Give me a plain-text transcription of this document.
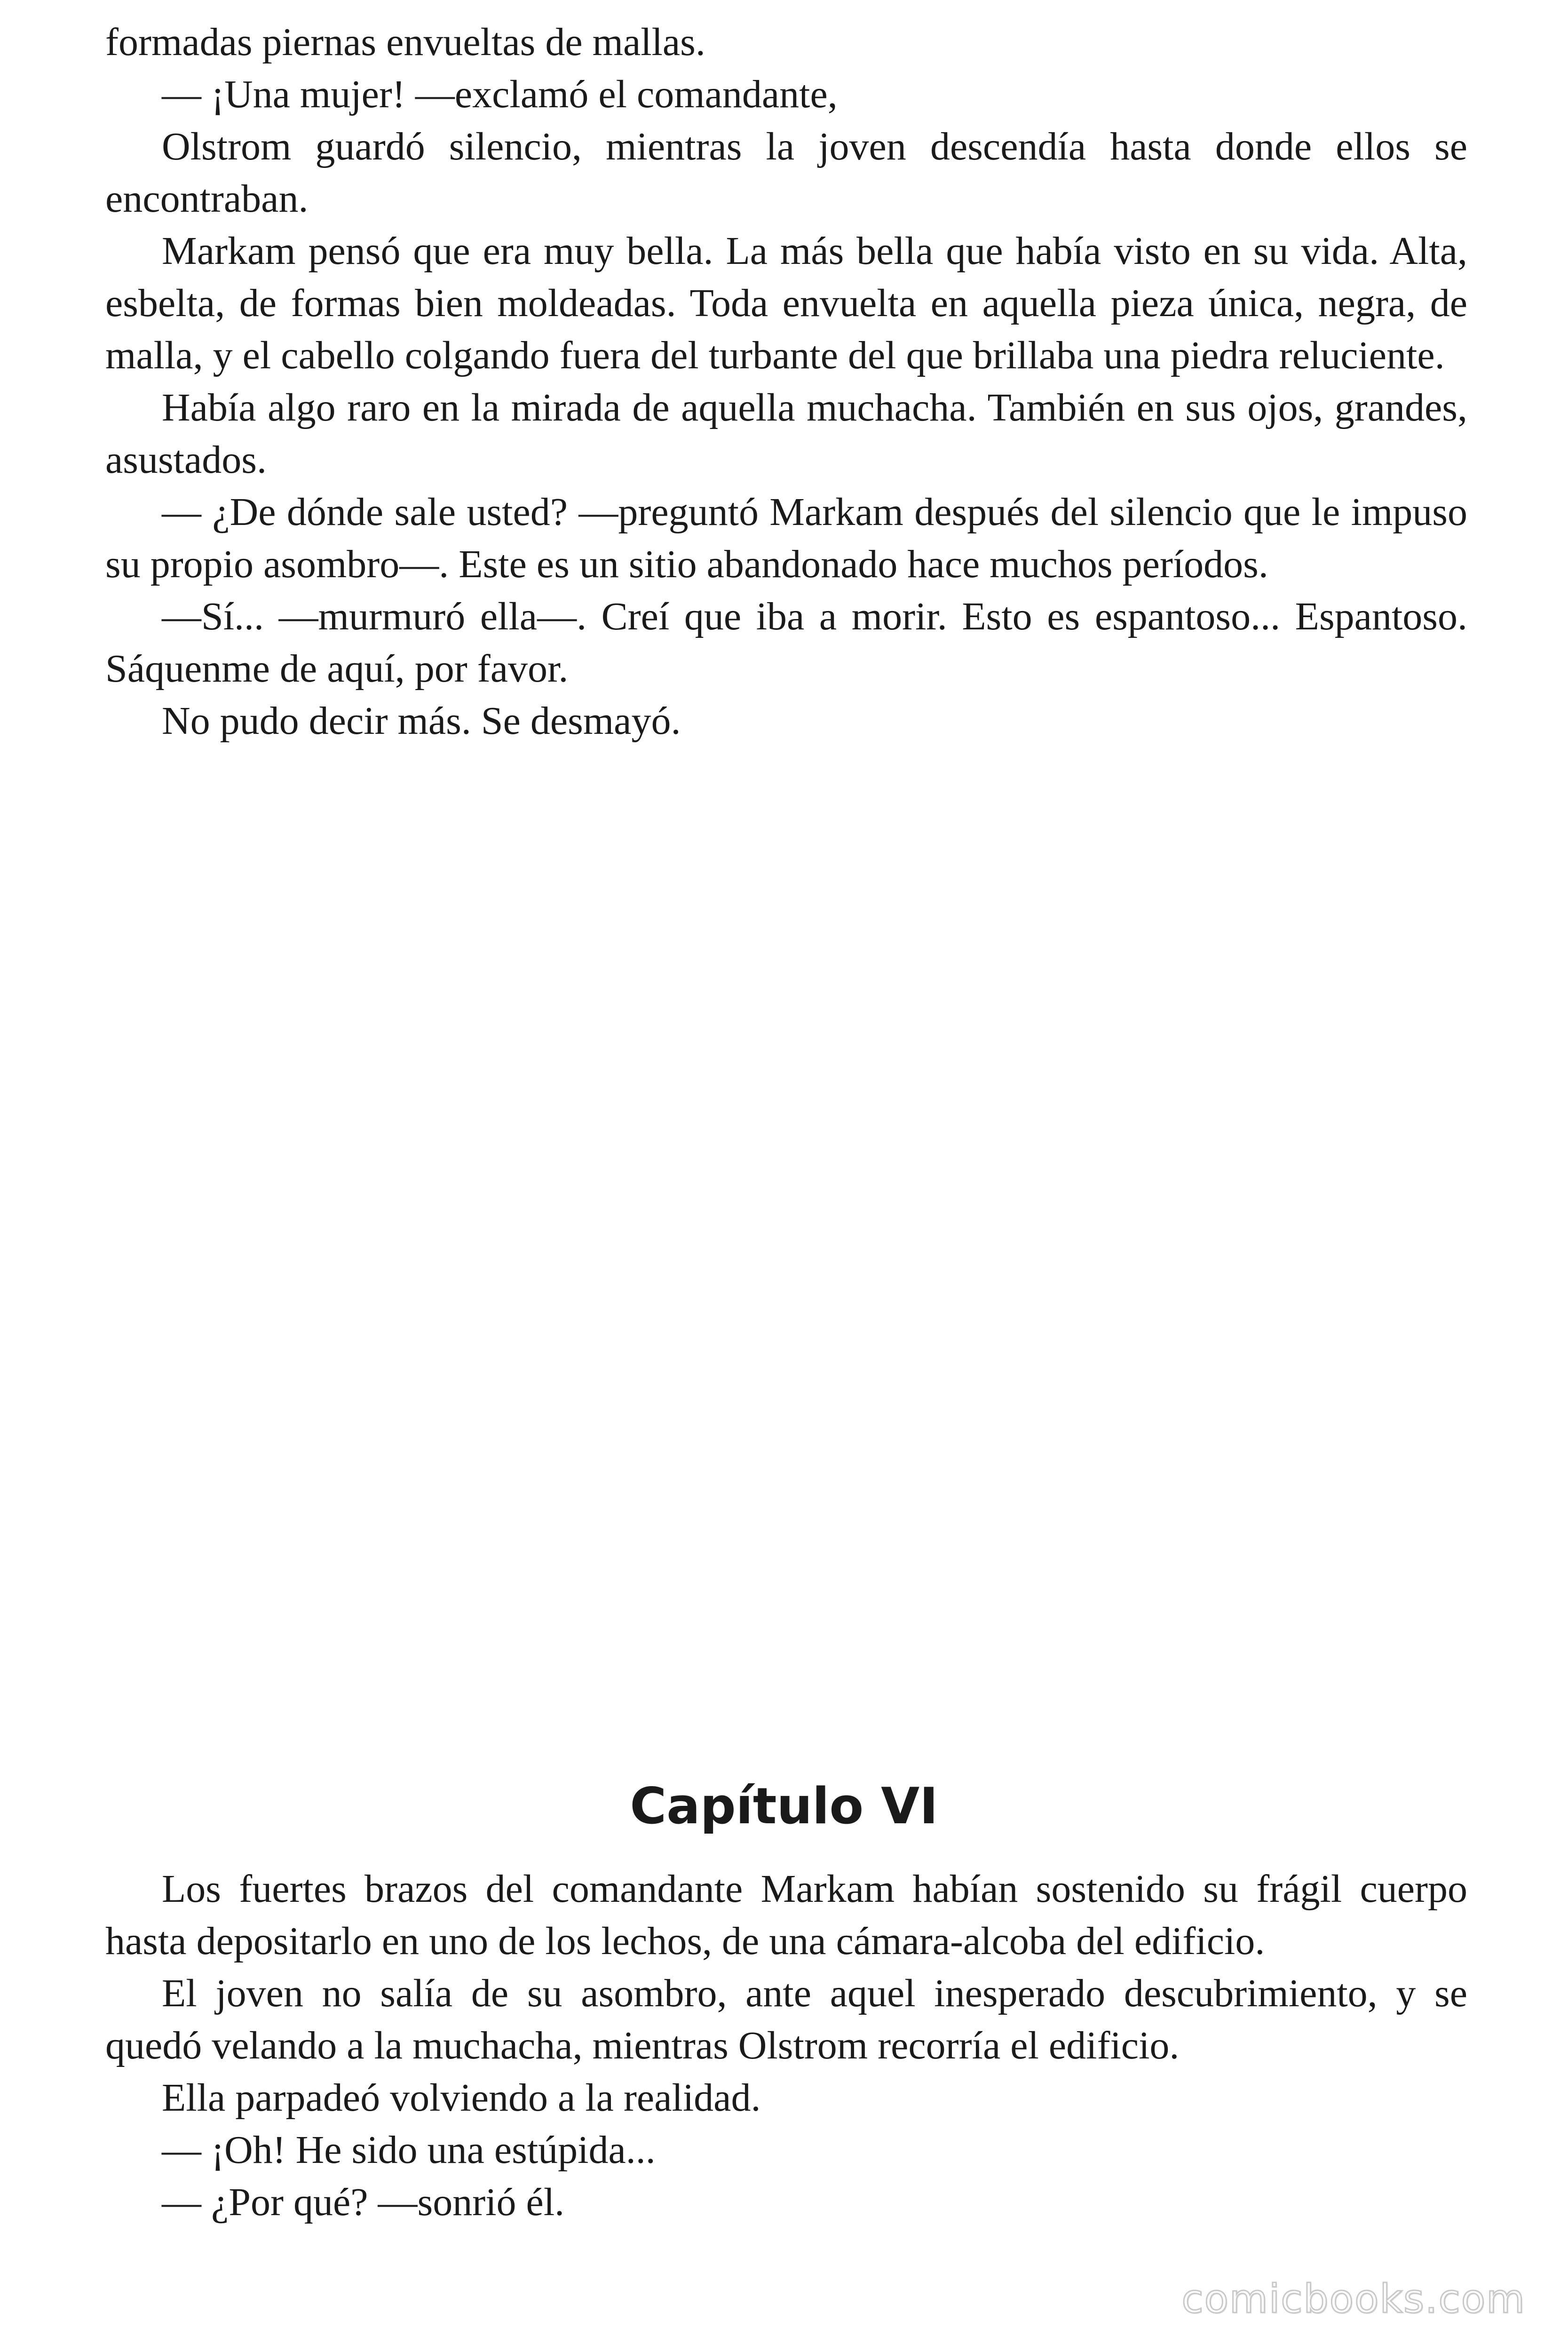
formadas piernas envueltas de mallas.

— ¡Una mujer! —exclamó el comandante,

Olstrom guardó silencio, mientras la joven descendía hasta donde ellos se encontraban.

Markam pensó que era muy bella. La más bella que había visto en su vida. Alta, esbelta, de formas bien moldeadas. Toda envuelta en aquella pieza única, negra, de malla, y el cabello colgando fuera del turbante del que brillaba una piedra reluciente.

Había algo raro en la mirada de aquella muchacha. También en sus ojos, grandes, asustados.

— ¿De dónde sale usted? —preguntó Markam después del silencio que le impuso su propio asombro—. Este es un sitio abandonado hace muchos períodos.

—Sí... —murmuró ella—. Creí que iba a morir. Esto es espantoso... Espantoso. Sáquenme de aquí, por favor.

No pudo decir más. Se desmayó.

Capítulo VI

Los fuertes brazos del comandante Markam habían sostenido su frágil cuerpo hasta depositarlo en uno de los lechos, de una cámara-alcoba del edificio.

El joven no salía de su asombro, ante aquel inesperado descubrimiento, y se quedó velando a la muchacha, mientras Olstrom recorría el edificio.

Ella parpadeó volviendo a la realidad.

— ¡Oh! He sido una estúpida...

— ¿Por qué? —sonrió él.

comicbooks.com
